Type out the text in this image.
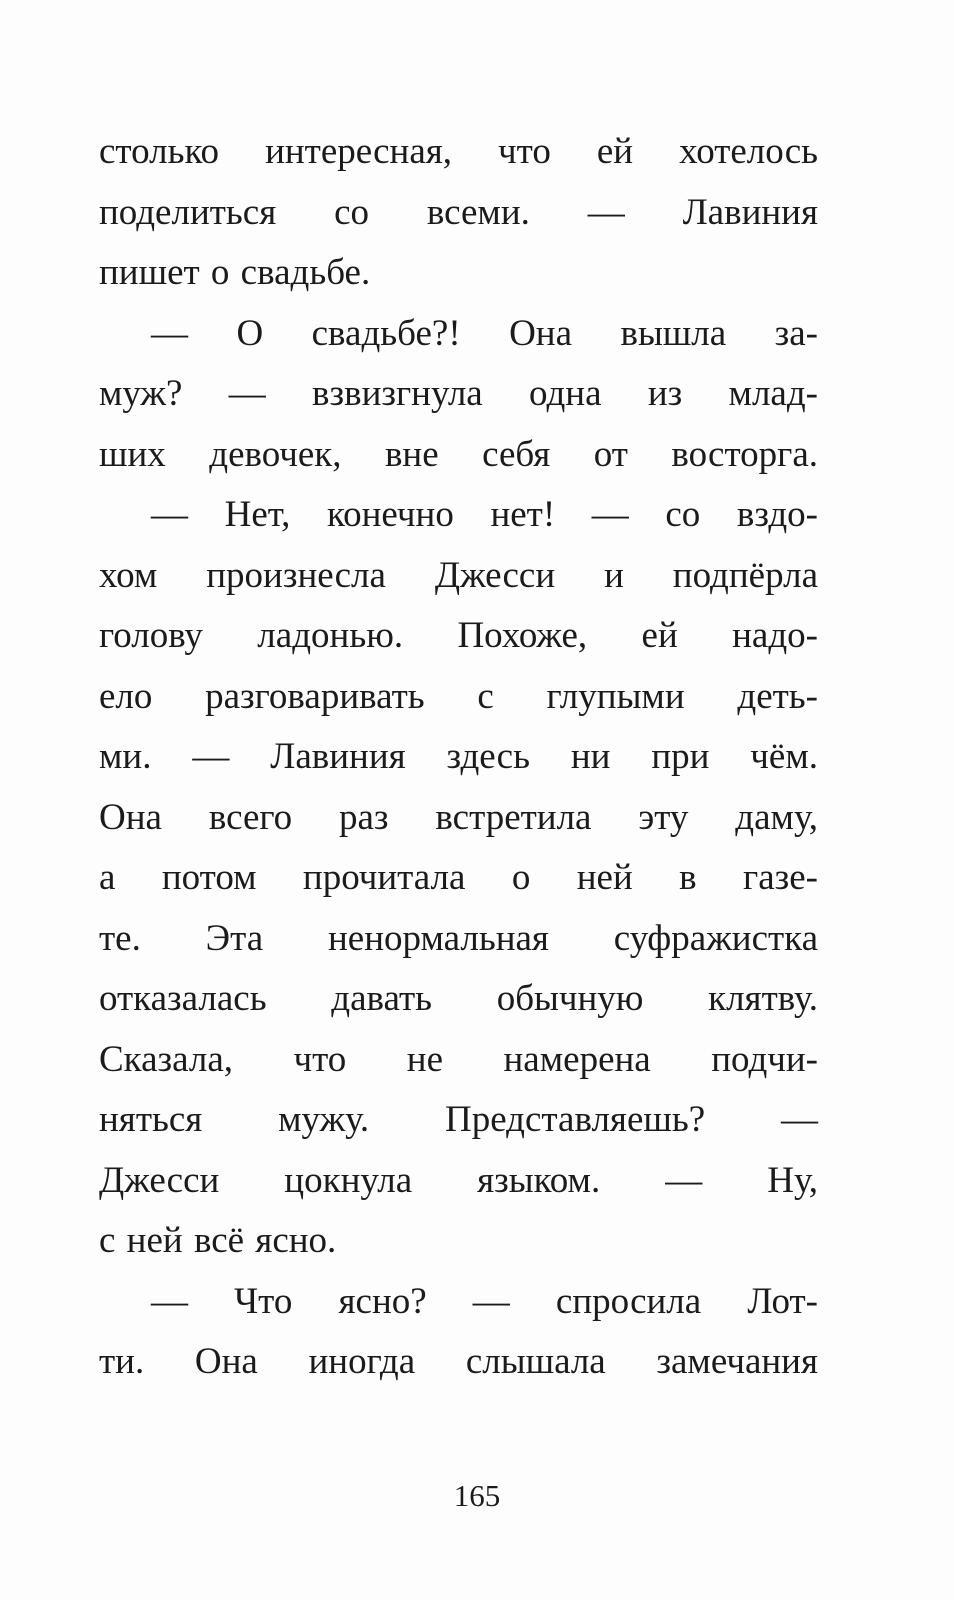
столько интересная, что ей хотелось
поделиться со всеми. — Лавиния
пишет о свадьбе.
— О свадьбе?! Она вышла за-
муж? — взвизгнула одна из млад-
ших девочек, вне себя от восторга.
— Нет, конечно нет! — со вздо-
хом произнесла Джесси и подпёрла
голову ладонью. Похоже, ей надо-
ело разговаривать с глупыми деть-
ми. — Лавиния здесь ни при чём.
Она всего раз встретила эту даму,
а потом прочитала о ней в газе-
те. Эта ненормальная суфражистка
отказалась давать обычную клятву.
Сказала, что не намерена подчи-
няться мужу. Представляешь? —
Джесси цокнула языком. — Ну,
с ней всё ясно.
— Что ясно? — спросила Лот-
ти. Она иногда слышала замечания
165
